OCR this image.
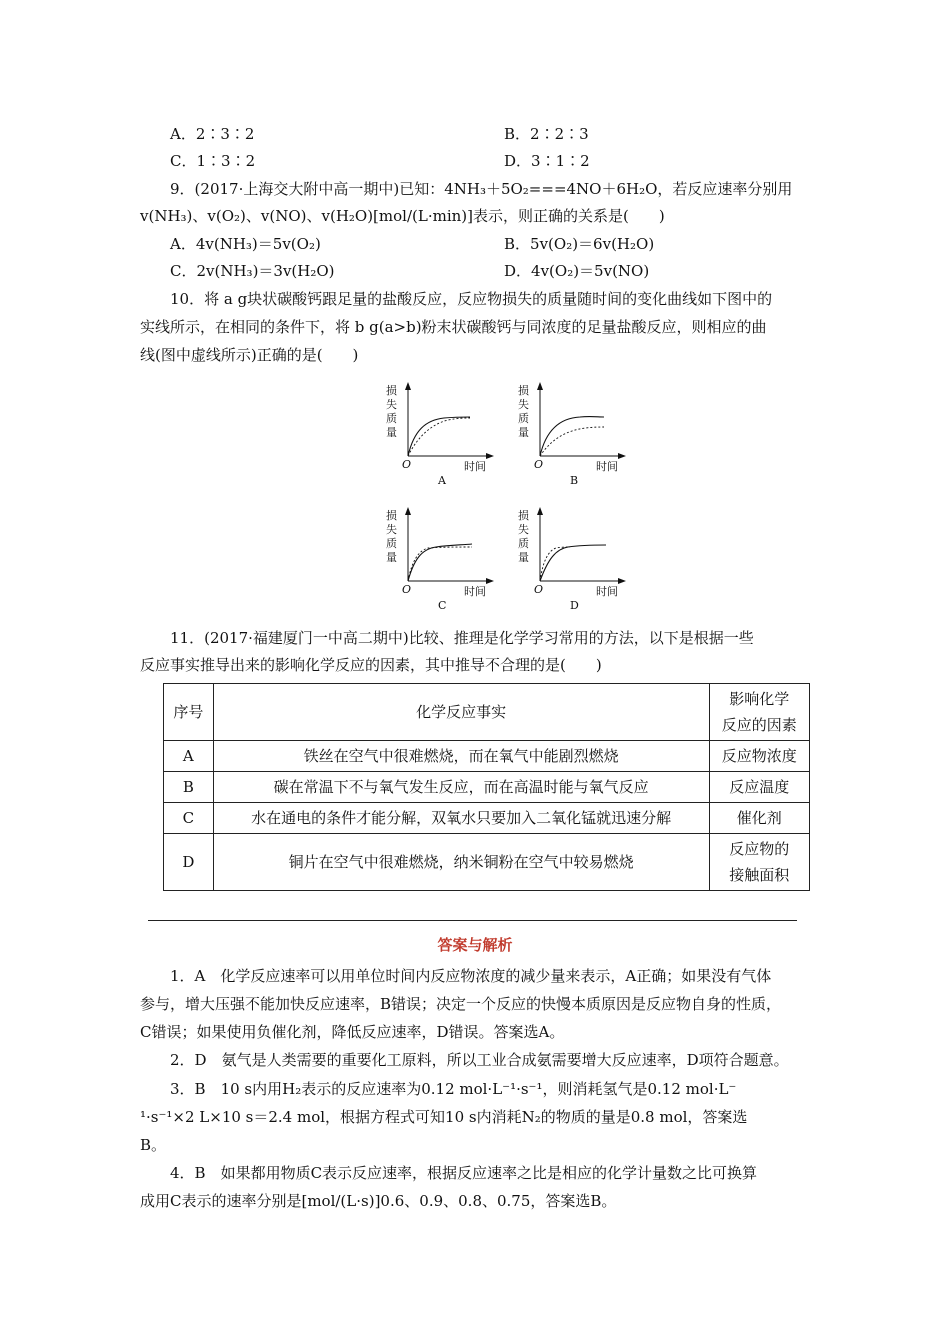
A．2∶3∶2	B．2∶2∶3
C．1∶3∶2	D．3∶1∶2
9．(2017·上海交大附中高一期中)已知：4NH₃＋5O₂===4NO＋6H₂O，若反应速率分别用
v(NH₃)、v(O₂)、v(NO)、v(H₂O)[mol/(L·min)]表示，则正确的关系是(　　)
A．4v(NH₃)＝5v(O₂)	B．5v(O₂)＝6v(H₂O)
C．2v(NH₃)＝3v(H₂O)	D．4v(O₂)＝5v(NO)
10．将 a g块状碳酸钙跟足量的盐酸反应，反应物损失的质量随时间的变化曲线如下图中的
实线所示，在相同的条件下，将 b g(a>b)粉末状碳酸钙与同浓度的足量盐酸反应，则相应的曲
线(图中虚线所示)正确的是(　　)
损
失
质
量
O	时间
A
损
失
质
量
O	时间
B
损
失
质
量
O	时间
C
损
失
质
量
O	时间
D
11．(2017·福建厦门一中高二期中)比较、推理是化学学习常用的方法，以下是根据一些
反应事实推导出来的影响化学反应的因素，其中推导不合理的是(　　)
序号	化学反应事实	影响化学
反应的因素
A	铁丝在空气中很难燃烧，而在氧气中能剧烈燃烧	反应物浓度
B	碳在常温下不与氧气发生反应，而在高温时能与氧气反应	反应温度
C	水在通电的条件才能分解，双氧水只要加入二氧化锰就迅速分解	催化剂
D	铜片在空气中很难燃烧，纳米铜粉在空气中较易燃烧	反应物的
接触面积
答案与解析
1．A　化学反应速率可以用单位时间内反应物浓度的减少量来表示，A正确；如果没有气体
参与，增大压强不能加快反应速率，B错误；决定一个反应的快慢本质原因是反应物自身的性质，
C错误；如果使用负催化剂，降低反应速率，D错误。答案选A。
2．D　氨气是人类需要的重要化工原料，所以工业合成氨需要增大反应速率，D项符合题意。
3．B　10 s内用H₂表示的反应速率为0.12 mol·L⁻¹·s⁻¹，则消耗氢气是0.12 mol·L⁻
¹·s⁻¹×2 L×10 s＝2.4 mol，根据方程式可知10 s内消耗N₂的物质的量是0.8 mol，答案选
B。
4．B　如果都用物质C表示反应速率，根据反应速率之比是相应的化学计量数之比可换算
成用C表示的速率分别是[mol/(L·s)]0.6、0.9、0.8、0.75，答案选B。
